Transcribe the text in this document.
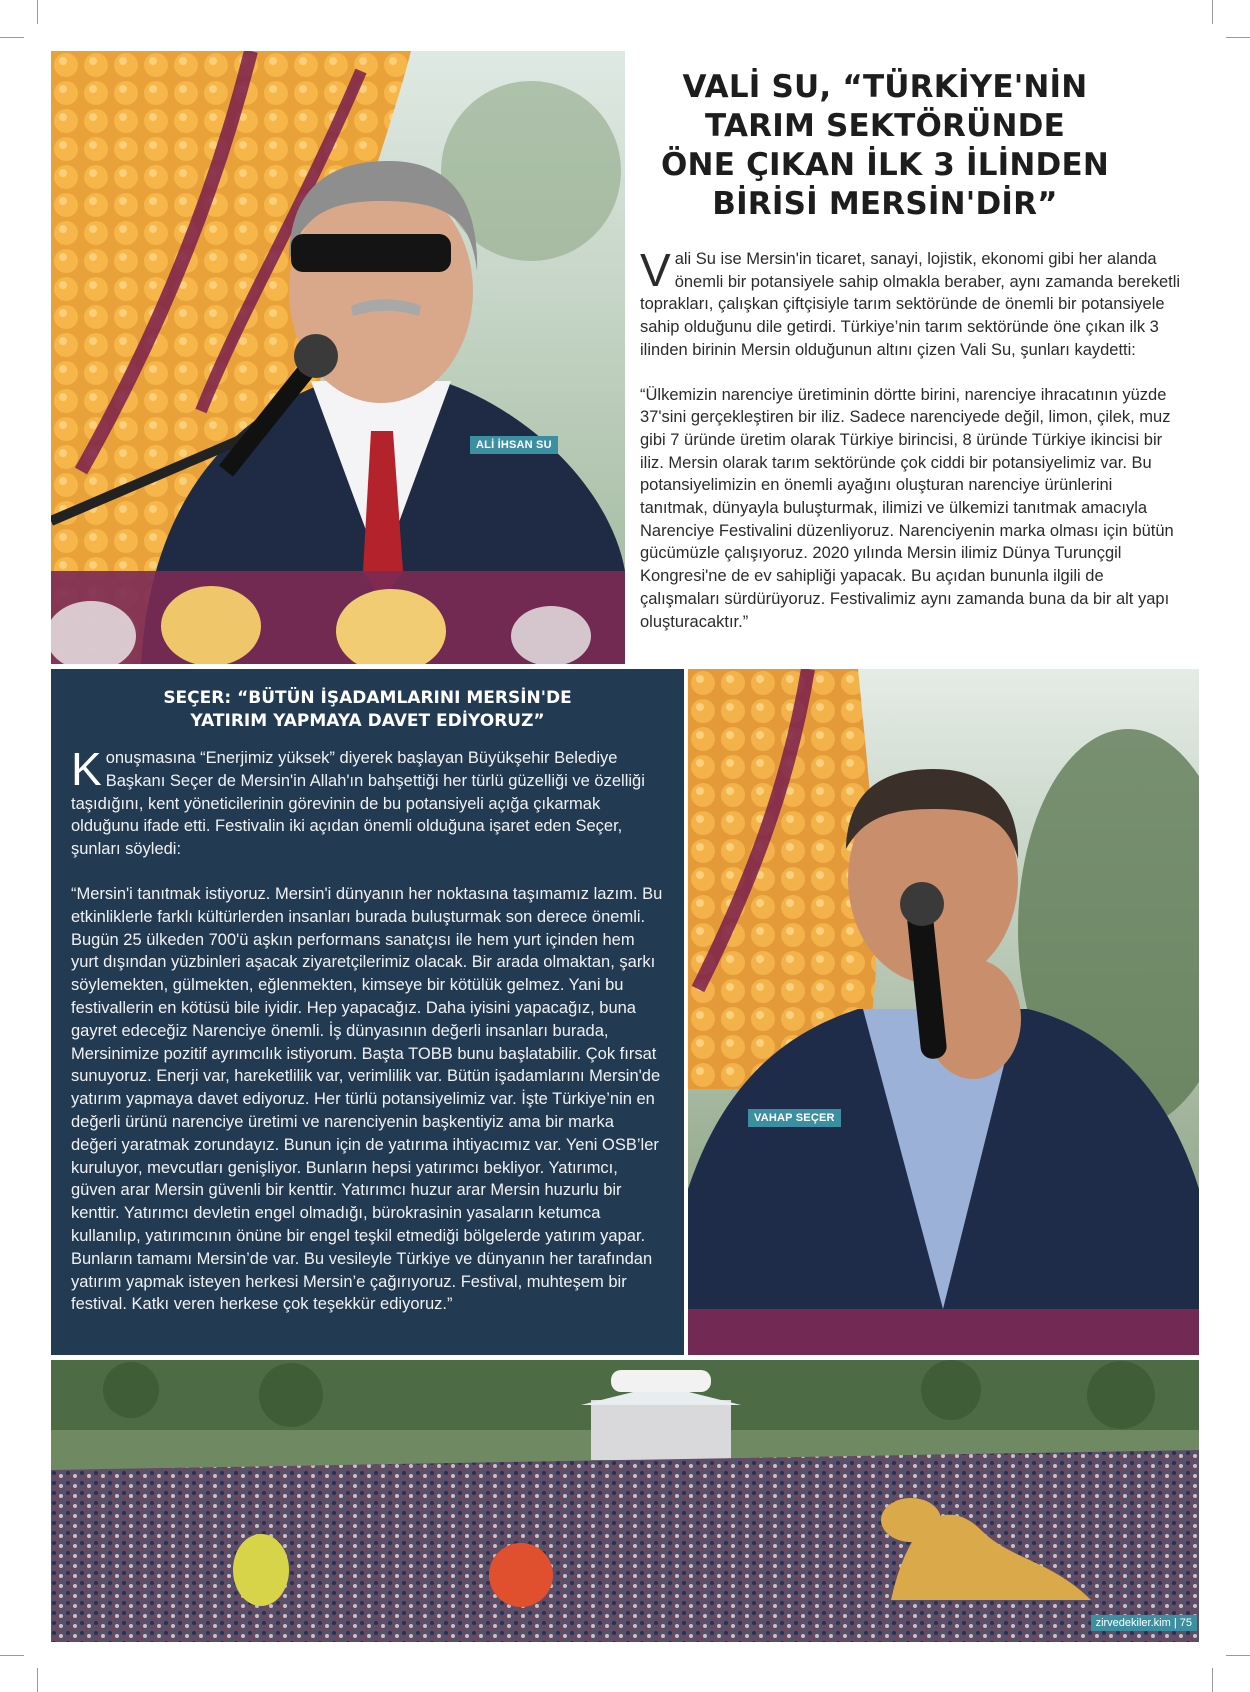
ALİ İHSAN SU
VALİ SU, “TÜRKİYE'NİN
TARIM SEKTÖRÜNDE
ÖNE ÇIKAN İLK 3 İLİNDEN
BİRİSİ MERSİN'DİR”

Vali Su ise Mersin'in ticaret, sanayi, lojistik, ekonomi gibi her alanda önemli bir potansiyele sahip olmakla beraber, aynı zamanda bereketli toprakları, çalışkan çiftçisiyle tarım sektöründe de önemli bir potansiyele sahip olduğunu dile getirdi. Türkiye’nin tarım sektöründe öne çıkan ilk 3 ilinden birinin Mersin olduğunun altını çizen Vali Su, şunları kaydetti:

“Ülkemizin narenciye üretiminin dörtte birini, narenciye ihracatının yüzde 37'sini gerçekleştiren bir iliz. Sadece narenciyede değil, limon, çilek, muz gibi 7 üründe üretim olarak Türkiye birincisi, 8 üründe Türkiye ikincisi bir iliz. Mersin olarak tarım sektöründe çok ciddi bir potansiyelimiz var. Bu potansiyelimizin en önemli ayağını oluşturan narenciye ürünlerini tanıtmak, dünyayla buluşturmak, ilimizi ve ülkemizi tanıtmak amacıyla Narenciye Festivalini düzenliyoruz. Narenciyenin marka olması için bütün gücümüzle çalışıyoruz. 2020 yılında Mersin ilimiz Dünya Turunçgil Kongresi'ne de ev sahipliği yapacak. Bu açıdan bununla ilgili de çalışmaları sürdürüyoruz. Festivalimiz aynı zamanda buna da bir alt yapı oluşturacaktır.”

SEÇER: “BÜTÜN İŞADAMLARINI MERSİN'DE
YATIRIM YAPMAYA DAVET EDİYORUZ”

Konuşmasına “Enerjimiz yüksek” diyerek başlayan Büyükşehir Belediye Başkanı Seçer de Mersin'in Allah'ın bahşettiği her türlü güzelliği ve özelliği taşıdığını, kent yöneticilerinin görevinin de bu potansiyeli açığa çıkarmak olduğunu ifade etti. Festivalin iki açıdan önemli olduğuna işaret eden Seçer, şunları söyledi:

“Mersin'i tanıtmak istiyoruz. Mersin'i dünyanın her noktasına taşımamız lazım. Bu etkinliklerle farklı kültürlerden insanları burada buluşturmak son derece önemli. Bugün 25 ülkeden 700'ü aşkın performans sanatçısı ile hem yurt içinden hem yurt dışından yüzbinleri aşacak ziyaretçilerimiz olacak. Bir arada olmaktan, şarkı söylemekten, gülmekten, eğlenmekten, kimseye bir kötülük gelmez. Yani bu festivallerin en kötüsü bile iyidir. Hep yapacağız. Daha iyisini yapacağız, buna gayret edeceğiz Narenciye önemli. İş dünyasının değerli insanları burada, Mersinimize pozitif ayrımcılık istiyorum. Başta TOBB bunu başlatabilir. Çok fırsat sunuyoruz. Enerji var, hareketlilik var, verimlilik var. Bütün işadamlarını Mersin'de yatırım yapmaya davet ediyoruz. Her türlü potansiyelimiz var. İşte Türkiye’nin en değerli ürünü narenciye üretimi ve narenciyenin başkentiyiz ama bir marka değeri yaratmak zorundayız. Bunun için de yatırıma ihtiyacımız var. Yeni OSB’ler kuruluyor, mevcutları genişliyor. Bunların hepsi yatırımcı bekliyor. Yatırımcı, güven arar Mersin güvenli bir kenttir. Yatırımcı huzur arar Mersin huzurlu bir kenttir. Yatırımcı devletin engel olmadığı, bürokrasinin yasaların ketumca kullanılıp, yatırımcının önüne bir engel teşkil etmediği bölgelerde yatırım yapar. Bunların tamamı Mersin’de var. Bu vesileyle Türkiye ve dünyanın her tarafından yatırım yapmak isteyen herkesi Mersin’e çağırıyoruz. Festival, muhteşem bir festival. Katkı veren herkese çok teşekkür ediyoruz.”

VAHAP SEÇER
zirvedekiler.kim | 75
